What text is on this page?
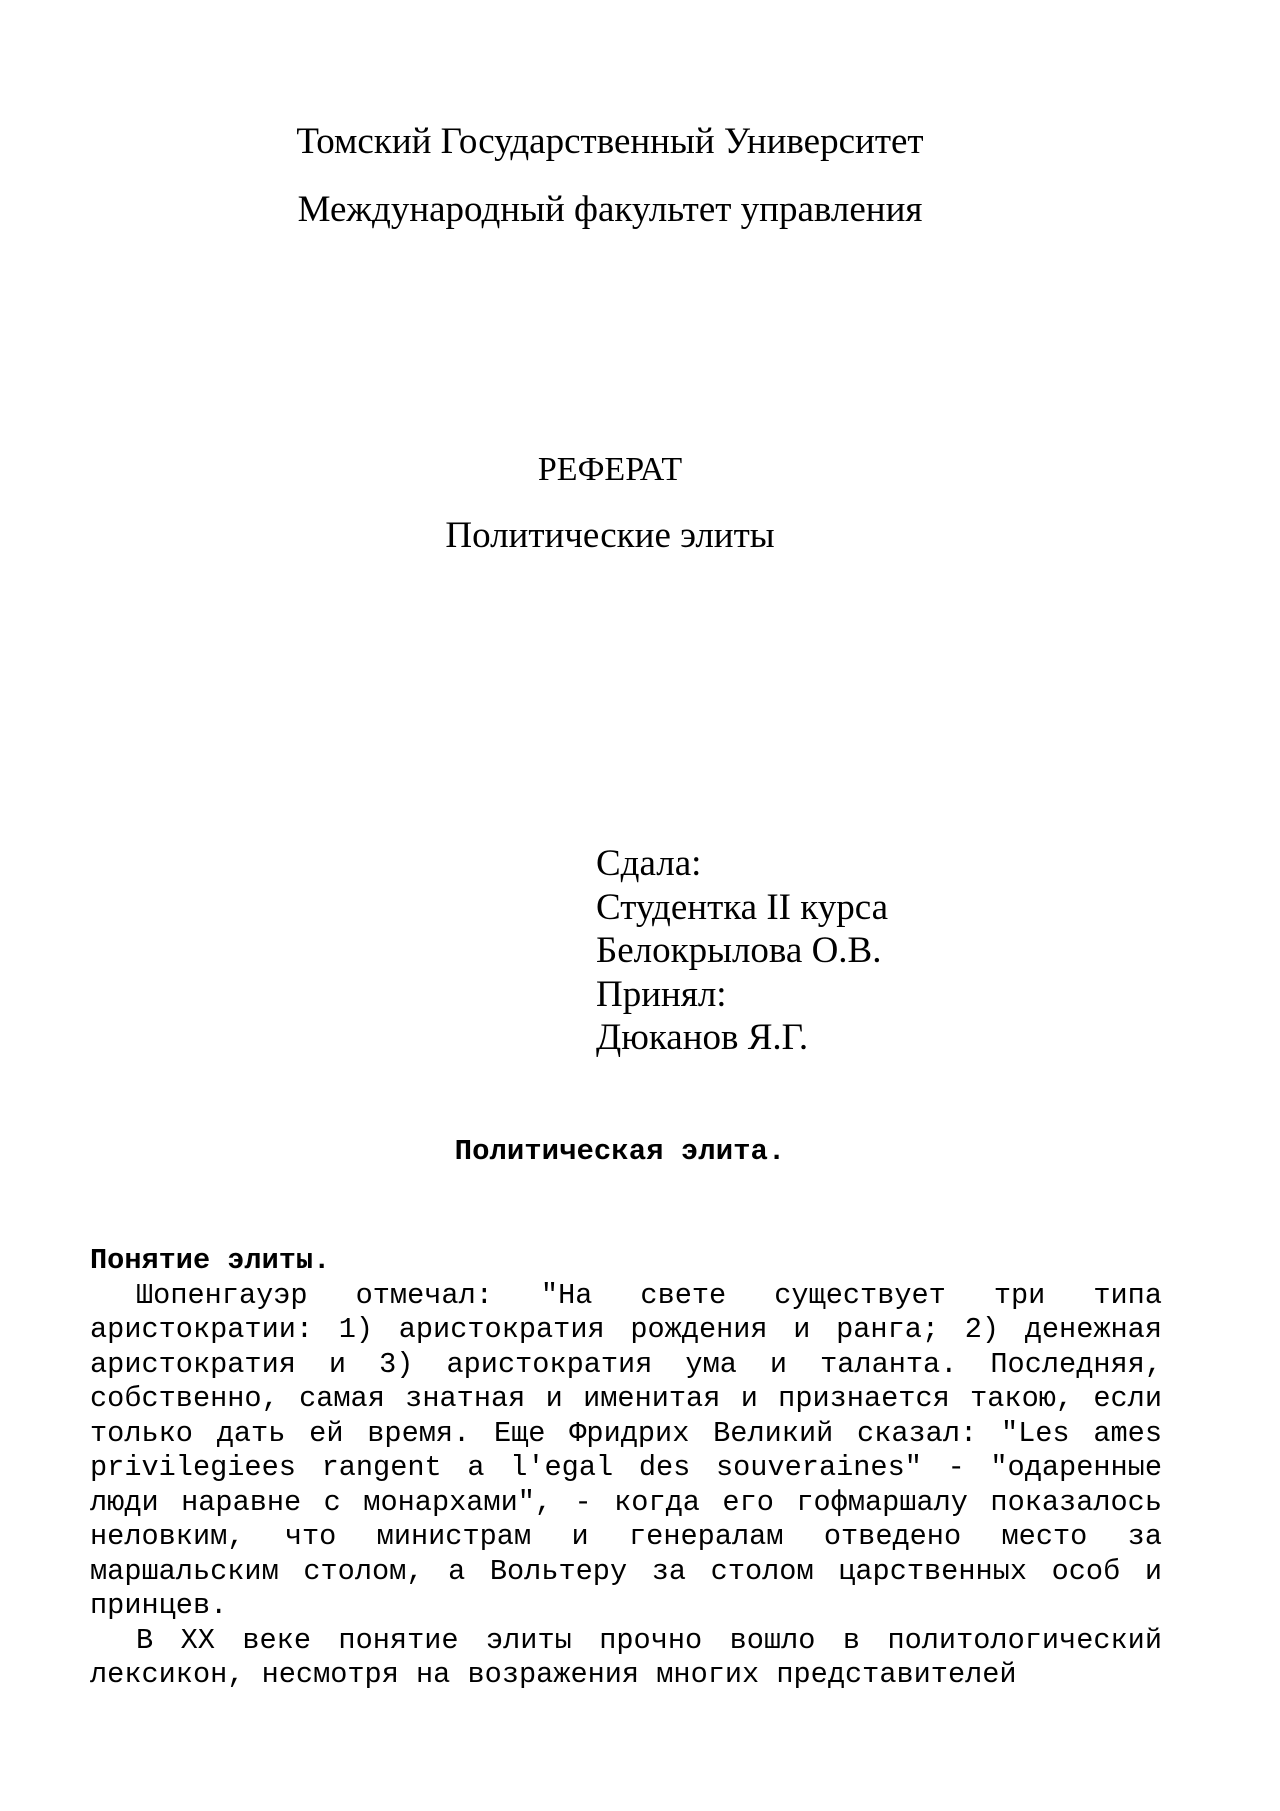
Томский Государственный Университет
Международный факультет управления
РЕФЕРАТ
Политические элиты
Сдала:
Студентка II курса
Белокрылова О.В.
Принял:
Дюканов Я.Г.
Политическая элита.
Понятие элиты.

Шопенгауэр отмечал: "На свете существует три типа аристократии: 1) аристократия рождения и ранга; 2) денежная аристократия и 3) аристократия ума и таланта. Последняя, собственно, самая знатная и именитая и признается такою, если только дать ей время. Еще Фридрих Великий сказал: "Les ames privilegiees rangent a l'egal des souveraines" - "одаренные люди наравне с монархами", - когда его гофмаршалу показалось неловким, что министрам и генералам отведено место за маршальским столом, а Вольтеру за столом царственных особ и принцев.

В XX веке понятие элиты прочно вошло в политологический лексикон, несмотря на возражения многих представителей
